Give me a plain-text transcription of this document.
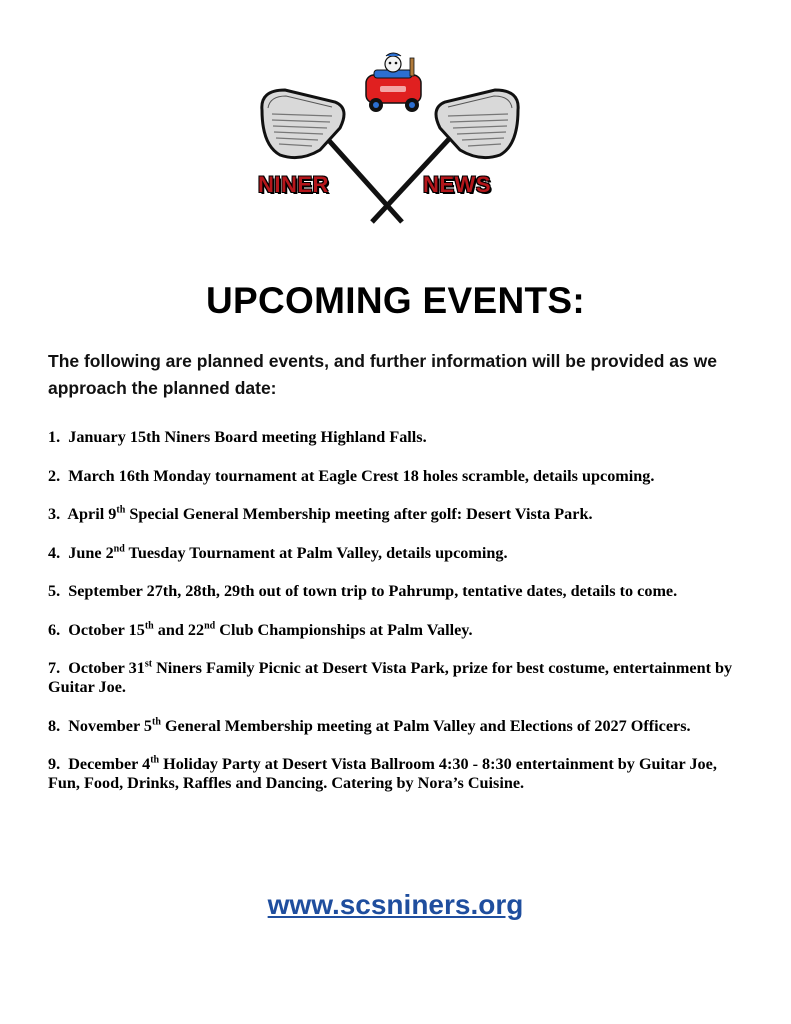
NINER	NEWS
UPCOMING EVENTS:
The following are planned events, and further information will be provided as we approach the planned date:

1. January 15th Niners Board meeting Highland Falls.

2. March 16th Monday tournament at Eagle Crest 18 holes scramble, details upcoming.

3. April 9th Special General Membership meeting after golf: Desert Vista Park.

4. June 2nd Tuesday Tournament at Palm Valley, details upcoming.

5. September 27th, 28th, 29th out of town trip to Pahrump, tentative dates, details to come.

6. October 15th and 22nd Club Championships at Palm Valley.

7. October 31st Niners Family Picnic at Desert Vista Park, prize for best costume, entertainment by Guitar Joe.

8. November 5th General Membership meeting at Palm Valley and Elections of 2027 Officers.

9. December 4th Holiday Party at Desert Vista Ballroom 4:30 - 8:30 entertainment by Guitar Joe, Fun, Food, Drinks, Raffles and Dancing. Catering by Nora’s Cuisine.

www.scsniners.org
